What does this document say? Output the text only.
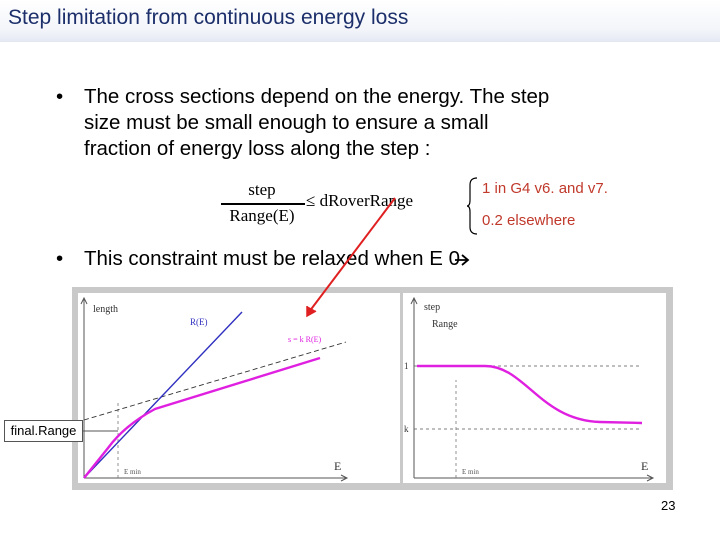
Step limitation from continuous energy loss
• The cross sections depend on the energy. The step
size must be small enough to ensure a small
fraction of energy loss along the step :
step
Range(E)
≤ dRoverRange
1 in G4 v6. and v7.
0.2 elsewhere
• This constraint must be relaxed when E 0
length
R(E)
s = k R(E)
E
E min
step
Range
1
k
E
E min
final.Range
23
